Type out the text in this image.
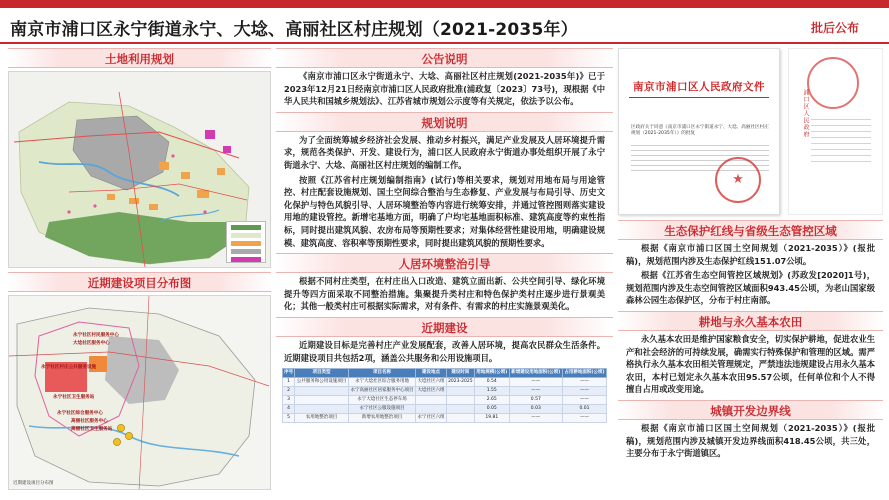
南京市浦口区永宁街道永宁、大埝、高丽社区村庄规划（2021-2035年）	批后公布
土地利用规划
近期建设项目分布图
永宁社区村民服务中心
大埝社区服务中心
永宁社区村庄公共服务设施
永宁社区卫生服务站
永宁社区综合服务中心
高丽社区服务中心
高丽社区卫生服务站
近期建设项目分布图
公告说明
《南京市浦口区永宁街道永宁、大埝、高丽社区村庄规划(2021-2035年)》已于2023年12月21日经南京市浦口区人民政府批准(浦政复〔2023〕73号)，现根据《中华人民共和国城乡规划法》、江苏省城市规划公示度等有关规定，依法予以公布。
规划说明
为了全面统筹城乡经济社会发展、推动乡村振兴，满足产业发展及人居环境提升需求，规范各类保护、开发、建设行为，浦口区人民政府永宁街道办事处组织开展了永宁街道永宁、大埝、高丽社区村庄规划的编制工作。
按照《江苏省村庄规划编制指南》(试行)等相关要求，规划对用地布局与用途管控、村庄配套设施规划、国土空间综合整治与生态修复、产业发展与布局引导、历史文化保护与特色风貌引导、人居环境整治等内容进行统筹安排，并通过管控图则落实建设用地的建设管控。新增宅基地方面，明确了户均宅基地面积标准、建筑高度等约束性指标，同时提出建筑风貌、农房布局等预期性要求；对集体经营性建设用地，明确建设规模、建筑高度、容积率等预期性要求，同时提出建筑风貌的预期性要求。
人居环境整治引导
根据不同村庄类型，在村庄出入口改造、建筑立面出新、公共空间引导、绿化环境提升等四方面采取不同整治措施。集聚提升类村庄和特色保护类村庄逐步进行景观美化；其他一般类村庄可根据实际需求，对有条件、有需求的村庄实施景观美化。
近期建设
近期建设目标是完善村庄产业发展配套，改善人居环境，提高农民群众生活条件。近期建设项目共包括2项，涵盖公共服务和公用设施项目。
序号	项目类型	项目名称	建设地点	建设时间	用地规模(公顷)	新增建设用地面积(公顷)	占用耕地面积(公顷)
1	公共服务和公用设施项目	永宁大埝社区综合服务用地	大埝社区六组	2023-2025	0.54	——	——
2		永宁高丽社区居家服务中心项目	大埝社区六组		1.55	——	——
3		永宁大埝社区生态停车场			2.65	0.57	——
4		永宁社区公服设施项目			0.05	0.03	0.01
5	农用地整治项目	新增农用地整治项目	永宁社区六组		19.81	——	——
南京市浦口区人民政府文件
区政府关于同意《南京市浦口区永宁街道永宁、大埝、高丽社区村庄规划（2021-2035年）》的批复
★
浦口区人民政府
生态保护红线与省级生态管控区域
根据《南京市浦口区国土空间规划（2021-2035）》(报批稿)，规划范围内涉及生态保护红线151.07公顷。
根据《江苏省生态空间管控区域规划》(苏政发[2020]1号)，规划范围内涉及生态空间管控区域面积943.45公顷，为老山国家级森林公园生态保护区，分布于村庄南部。
耕地与永久基本农田
永久基本农田是维护国家粮食安全，切实保护耕地，促进农业生产和社会经济的可持续发展，确需实行特殊保护和管理的区域。需严格执行永久基本农田相关管理规定，严禁违法违规建设占用永久基本农田，本村已划定永久基本农田95.57公顷，任何单位和个人不得擅自占用或改变用途。
城镇开发边界线
根据《南京市浦口区国土空间规划（2021-2035）》(报批稿)，规划范围内涉及城镇开发边界线面积418.45公顷，共三处，主要分布于永宁街道镇区。
